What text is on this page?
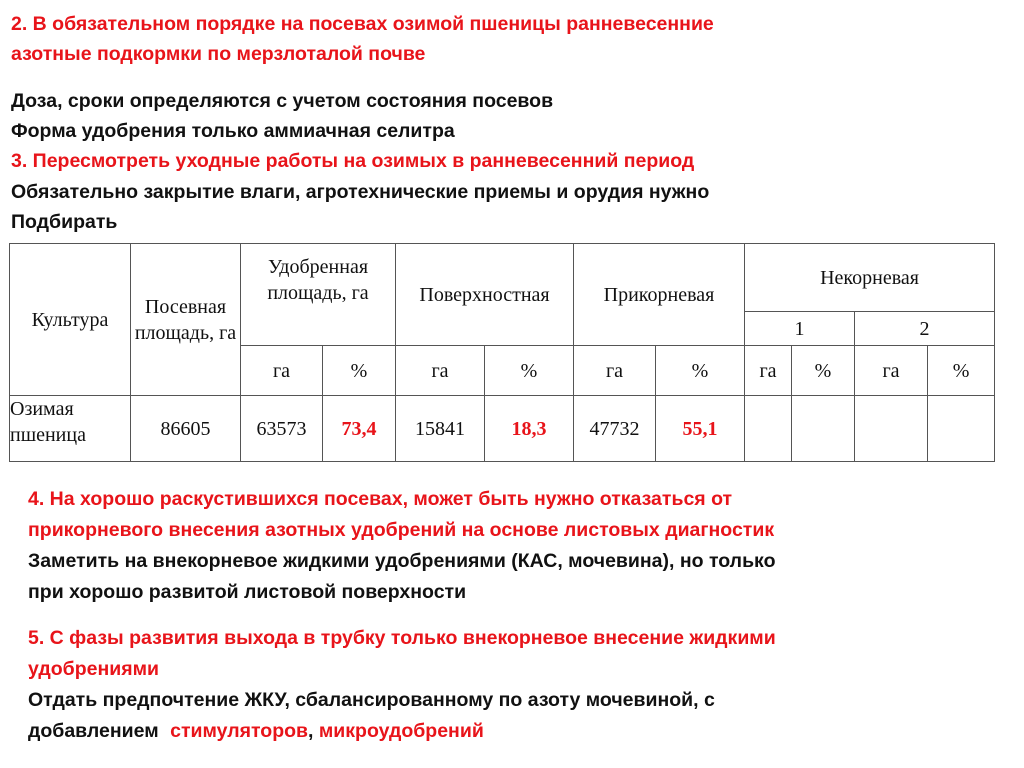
2. В обязательном порядке на посевах озимой пшеницы ранневесенние
азотные подкормки по мерзлоталой почве
Доза, сроки определяются с учетом состояния посевов
Форма удобрения только аммиачная селитра
3. Пересмотреть уходные работы на озимых в ранневесенний период
Обязательно закрытие влаги, агротехнические приемы и орудия нужно
Подбирать
Культура	Посевная площадь, га	Удобренная площадь, га		Поверхностная		Прикорневая		Некорневая			
								1		2	
		га	%	га	%	га	%	га	%	га	%
Озимая пшеница	86605	63573	73,4	15841	18,3	47732	55,1				
4. На хорошо раскустившихся посевах, может быть нужно отказаться от
прикорневого внесения азотных удобрений на основе листовых диагностик
Заметить на внекорневое жидкими удобрениями (КАС, мочевина), но только
при хорошо развитой листовой поверхности
5. С фазы развития выхода в трубку только внекорневое внесение жидкими
удобрениями
Отдать предпочтение ЖКУ, сбалансированному по азоту мочевиной, с
добавлением стимуляторов, микроудобрений
